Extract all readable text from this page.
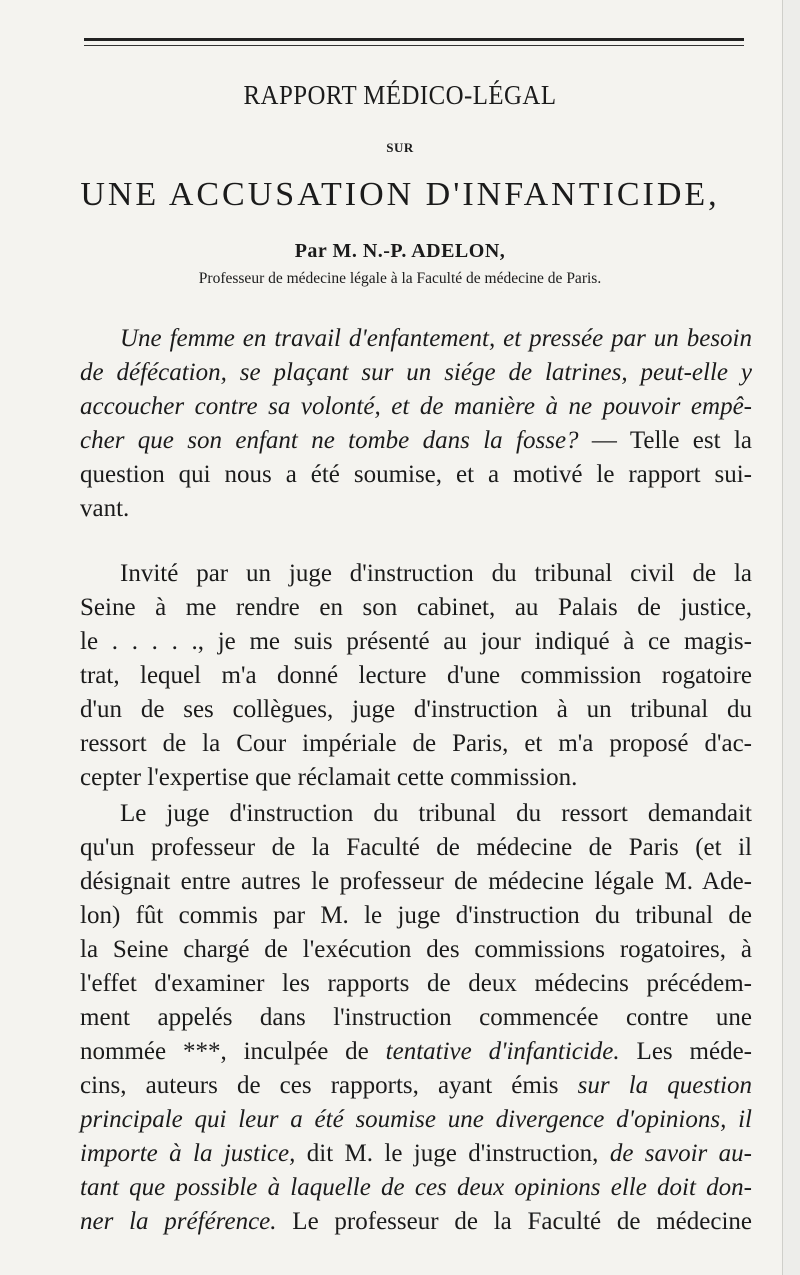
RAPPORT MÉDICO-LÉGAL
SUR
UNE ACCUSATION D'INFANTICIDE,
Par M. N.-P. ADELON,
Professeur de médecine légale à la Faculté de médecine de Paris.
Une femme en travail d'enfantement, et pressée par un besoin
de défécation, se plaçant sur un siége de latrines, peut-elle y
accoucher contre sa volonté, et de manière à ne pouvoir empê-
cher que son enfant ne tombe dans la fosse? — Telle est la
question qui nous a été soumise, et a motivé le rapport sui-
vant.
Invité par un juge d'instruction du tribunal civil de la
Seine à me rendre en son cabinet, au Palais de justice,
le . . . . ., je me suis présenté au jour indiqué à ce magis-
trat, lequel m'a donné lecture d'une commission rogatoire
d'un de ses collègues, juge d'instruction à un tribunal du
ressort de la Cour impériale de Paris, et m'a proposé d'ac-
cepter l'expertise que réclamait cette commission.
Le juge d'instruction du tribunal du ressort demandait
qu'un professeur de la Faculté de médecine de Paris (et il
désignait entre autres le professeur de médecine légale M. Ade-
lon) fût commis par M. le juge d'instruction du tribunal de
la Seine chargé de l'exécution des commissions rogatoires, à
l'effet d'examiner les rapports de deux médecins précédem-
ment appelés dans l'instruction commencée contre une
nommée ***, inculpée de tentative d'infanticide. Les méde-
cins, auteurs de ces rapports, ayant émis sur la question
principale qui leur a été soumise une divergence d'opinions, il
importe à la justice, dit M. le juge d'instruction, de savoir au-
tant que possible à laquelle de ces deux opinions elle doit don-
ner la préférence. Le professeur de la Faculté de médecine
